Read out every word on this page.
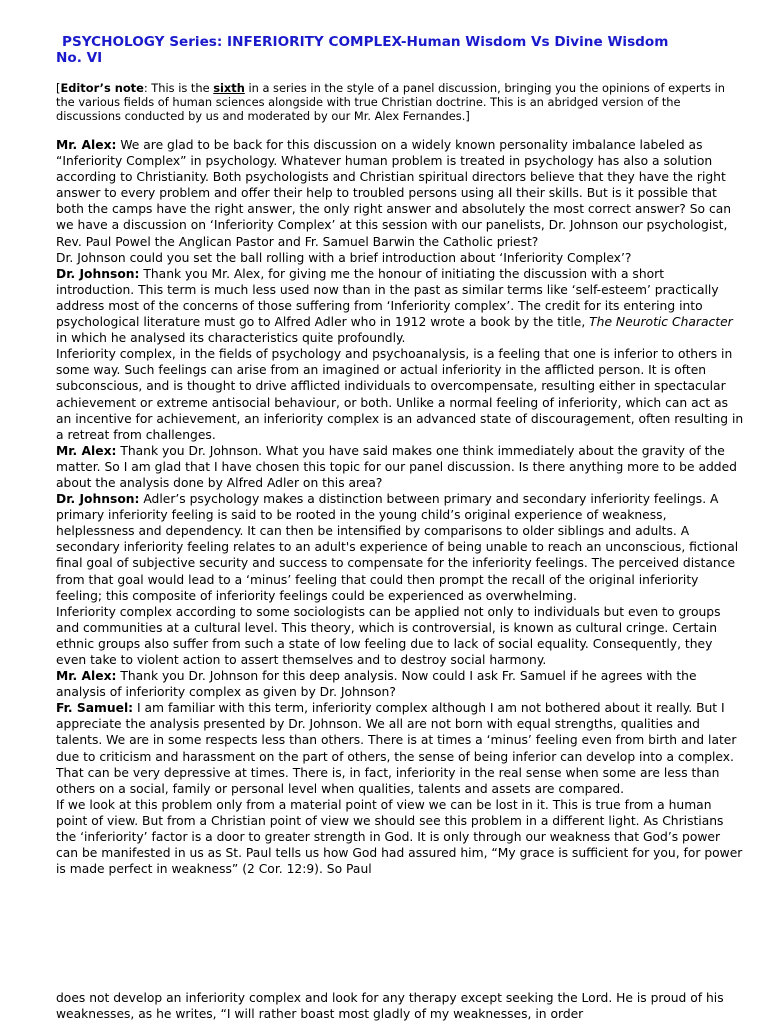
PSYCHOLOGY Series: INFERIORITY COMPLEX-Human Wisdom Vs Divine Wisdom
No. VI

[Editor’s note: This is the sixth in a series in the style of a panel discussion, bringing you the opinions of experts in the various fields of human sciences alongside with true Christian doctrine. This is an abridged version of the discussions conducted by us and moderated by our Mr. Alex Fernandes.]

Mr. Alex: We are glad to be back for this discussion on a widely known personality imbalance labeled as “Inferiority Complex” in psychology. Whatever human problem is treated in psychology has also a solution according to Christianity. Both psychologists and Christian spiritual directors believe that they have the right answer to every problem and offer their help to troubled persons using all their skills. But is it possible that both the camps have the right answer, the only right answer and absolutely the most correct answer? So can we have a discussion on ‘Inferiority Complex’ at this session with our panelists, Dr. Johnson our psychologist, Rev. Paul Powel the Anglican Pastor and Fr. Samuel Barwin the Catholic priest?

Dr. Johnson could you set the ball rolling with a brief introduction about ‘Inferiority Complex’?

Dr. Johnson: Thank you Mr. Alex, for giving me the honour of initiating the discussion with a short introduction. This term is much less used now than in the past as similar terms like ‘self-esteem’ practically address most of the concerns of those suffering from ‘Inferiority complex’. The credit for its entering into psychological literature must go to Alfred Adler who in 1912 wrote a book by the title, The Neurotic Character in which he analysed its characteristics quite profoundly.

Inferiority complex, in the fields of psychology and psychoanalysis, is a feeling that one is inferior to others in some way. Such feelings can arise from an imagined or actual inferiority in the afflicted person. It is often subconscious, and is thought to drive afflicted individuals to overcompensate, resulting either in spectacular achievement or extreme antisocial behaviour, or both. Unlike a normal feeling of inferiority, which can act as an incentive for achievement, an inferiority complex is an advanced state of discouragement, often resulting in a retreat from challenges.

Mr. Alex: Thank you Dr. Johnson. What you have said makes one think immediately about the gravity of the matter. So I am glad that I have chosen this topic for our panel discussion. Is there anything more to be added about the analysis done by Alfred Adler on this area?

Dr. Johnson: Adler’s psychology makes a distinction between primary and secondary inferiority feelings. A primary inferiority feeling is said to be rooted in the young child’s original experience of weakness, helplessness and dependency. It can then be intensified by comparisons to older siblings and adults. A secondary inferiority feeling relates to an adult's experience of being unable to reach an unconscious, fictional final goal of subjective security and success to compensate for the inferiority feelings. The perceived distance from that goal would lead to a ‘minus’ feeling that could then prompt the recall of the original inferiority feeling; this composite of inferiority feelings could be experienced as overwhelming.

Inferiority complex according to some sociologists can be applied not only to individuals but even to groups and communities at a cultural level. This theory, which is controversial, is known as cultural cringe. Certain ethnic groups also suffer from such a state of low feeling due to lack of social equality. Consequently, they even take to violent action to assert themselves and to destroy social harmony.

Mr. Alex: Thank you Dr. Johnson for this deep analysis. Now could I ask Fr. Samuel if he agrees with the analysis of inferiority complex as given by Dr. Johnson?

Fr. Samuel: I am familiar with this term, inferiority complex although I am not bothered about it really. But I appreciate the analysis presented by Dr. Johnson. We all are not born with equal strengths, qualities and talents. We are in some respects less than others. There is at times a ‘minus’ feeling even from birth and later due to criticism and harassment on the part of others, the sense of being inferior can develop into a complex. That can be very depressive at times. There is, in fact, inferiority in the real sense when some are less than others on a social, family or personal level when qualities, talents and assets are compared.

If we look at this problem only from a material point of view we can be lost in it. This is true from a human point of view. But from a Christian point of view we should see this problem in a different light. As Christians the ‘inferiority’ factor is a door to greater strength in God. It is only through our weakness that God’s power can be manifested in us as St. Paul tells us how God had assured him, “My grace is sufficient for you, for power is made perfect in weakness” (2 Cor. 12:9). So Paul

does not develop an inferiority complex and look for any therapy except seeking the Lord. He is proud of his weaknesses, as he writes, “I will rather boast most gladly of my weaknesses, in order
